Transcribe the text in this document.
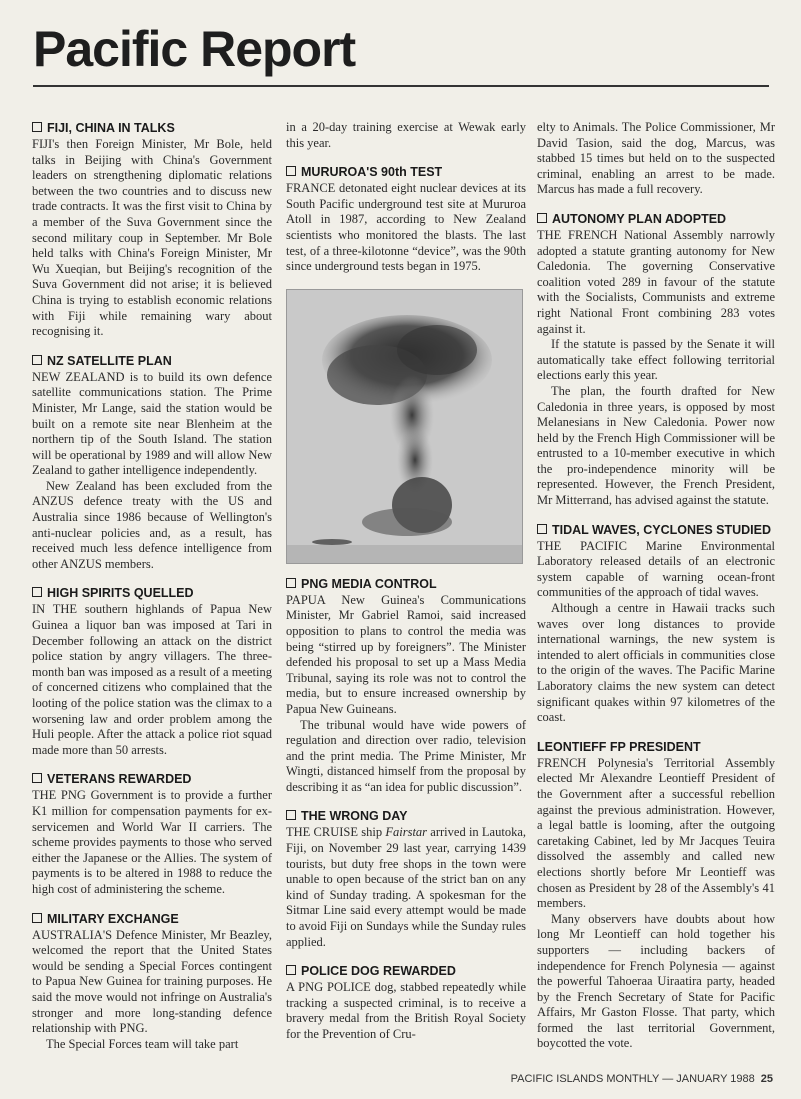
Pacific Report

FIJI, CHINA IN TALKS

FIJI's then Foreign Minister, Mr Bole, held talks in Beijing with China's Government leaders on strengthening diplomatic relations between the two countries and to discuss new trade contracts. It was the first visit to China by a member of the Suva Government since the second military coup in September. Mr Bole held talks with China's Foreign Minister, Mr Wu Xueqian, but Beijing's recognition of the Suva Government did not arise; it is believed China is trying to establish economic relations with Fiji while remaining wary about recognising it.

NZ SATELLITE PLAN

NEW ZEALAND is to build its own defence satellite communications station. The Prime Minister, Mr Lange, said the station would be built on a remote site near Blenheim at the northern tip of the South Island. The station will be operational by 1989 and will allow New Zealand to gather intelligence independently.

New Zealand has been excluded from the ANZUS defence treaty with the US and Australia since 1986 because of Wellington's anti-nuclear policies and, as a result, has received much less defence intelligence from other ANZUS members.

HIGH SPIRITS QUELLED

IN THE southern highlands of Papua New Guinea a liquor ban was imposed at Tari in December following an attack on the district police station by angry villagers. The three-month ban was imposed as a result of a meeting of concerned citizens who complained that the looting of the police station was the climax to a worsening law and order problem among the Huli people. After the attack a police riot squad made more than 50 arrests.

VETERANS REWARDED

THE PNG Government is to provide a further K1 million for compensation payments for ex-servicemen and World War II carriers. The scheme provides payments to those who served either the Japanese or the Allies. The system of payments is to be altered in 1988 to reduce the high cost of administering the scheme.

MILITARY EXCHANGE

AUSTRALIA'S Defence Minister, Mr Beazley, welcomed the report that the United States would be sending a Special Forces contingent to Papua New Guinea for training purposes. He said the move would not infringe on Australia's stronger and more long-standing defence relationship with PNG.

The Special Forces team will take part

in a 20-day training exercise at Wewak early this year.

MURUROA'S 90th TEST

FRANCE detonated eight nuclear devices at its South Pacific underground test site at Mururoa Atoll in 1987, according to New Zealand scientists who monitored the blasts. The last test, of a three-kilotonne “device”, was the 90th since underground tests began in 1975.

PNG MEDIA CONTROL

PAPUA New Guinea's Communications Minister, Mr Gabriel Ramoi, said increased opposition to plans to control the media was being “stirred up by foreigners”. The Minister defended his proposal to set up a Mass Media Tribunal, saying its role was not to control the media, but to ensure increased ownership by Papua New Guineans.

The tribunal would have wide powers of regulation and direction over radio, television and the print media. The Prime Minister, Mr Wingti, distanced himself from the proposal by describing it as “an idea for public discussion”.

THE WRONG DAY

THE CRUISE ship Fairstar arrived in Lautoka, Fiji, on November 29 last year, carrying 1439 tourists, but duty free shops in the town were unable to open because of the strict ban on any kind of Sunday trading. A spokesman for the Sitmar Line said every attempt would be made to avoid Fiji on Sundays while the Sunday rules applied.

POLICE DOG REWARDED

A PNG POLICE dog, stabbed repeatedly while tracking a suspected criminal, is to receive a bravery medal from the British Royal Society for the Prevention of Cru-

elty to Animals. The Police Commissioner, Mr David Tasion, said the dog, Marcus, was stabbed 15 times but held on to the suspected criminal, enabling an arrest to be made. Marcus has made a full recovery.

AUTONOMY PLAN ADOPTED

THE FRENCH National Assembly narrowly adopted a statute granting autonomy for New Caledonia. The governing Conservative coalition voted 289 in favour of the statute with the Socialists, Communists and extreme right National Front combining 283 votes against it.

If the statute is passed by the Senate it will automatically take effect following territorial elections early this year.

The plan, the fourth drafted for New Caledonia in three years, is opposed by most Melanesians in New Caledonia. Power now held by the French High Commissioner will be entrusted to a 10-member executive in which the pro-independence minority will be represented. However, the French President, Mr Mitterrand, has advised against the statute.

TIDAL WAVES, CYCLONES STUDIED

THE PACIFIC Marine Environmental Laboratory released details of an electronic system capable of warning ocean-front communities of the approach of tidal waves.

Although a centre in Hawaii tracks such waves over long distances to provide international warnings, the new system is intended to alert officials in communities close to the origin of the waves. The Pacific Marine Laboratory claims the new system can detect significant quakes within 97 kilometres of the coast.

LEONTIEFF FP PRESIDENT

FRENCH Polynesia's Territorial Assembly elected Mr Alexandre Leontieff President of the Government after a successful rebellion against the previous administration. However, a legal battle is looming, after the outgoing caretaking Cabinet, led by Mr Jacques Teuira dissolved the assembly and called new elections shortly before Mr Leontieff was chosen as President by 28 of the Assembly's 41 members.

Many observers have doubts about how long Mr Leontieff can hold together his supporters — including backers of independence for French Polynesia — against the powerful Tahoeraa Uiraatira party, headed by the French Secretary of State for Pacific Affairs, Mr Gaston Flosse. That party, which formed the last territorial Government, boycotted the vote.

PACIFIC ISLANDS MONTHLY — JANUARY 1988 25
